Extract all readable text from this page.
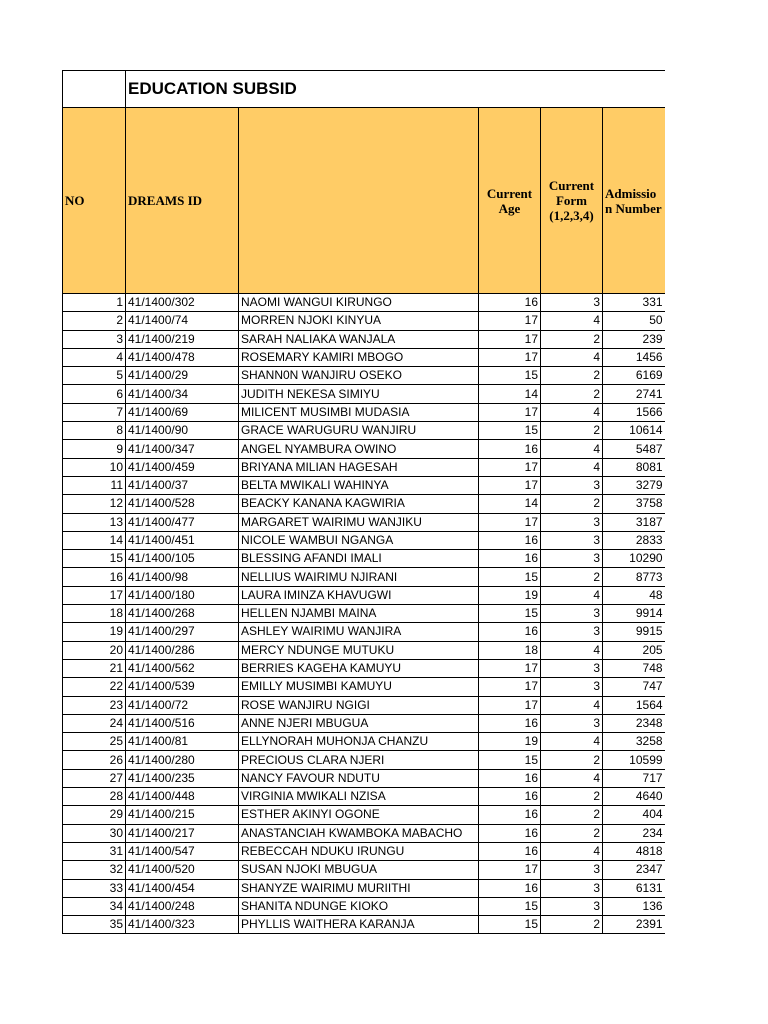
	EDUCATION SUBSID				
NO	DREAMS ID		Current Age	Current Form (1,2,3,4)	Admission Number
1	41/1400/302	NAOMI WANGUI KIRUNGO	16	3	331
2	41/1400/74	MORREN NJOKI KINYUA	17	4	50
3	41/1400/219	SARAH NALIAKA WANJALA	17	2	239
4	41/1400/478	ROSEMARY KAMIRI MBOGO	17	4	1456
5	41/1400/29	SHANN0N WANJIRU OSEKO	15	2	6169
6	41/1400/34	JUDITH NEKESA SIMIYU	14	2	2741
7	41/1400/69	MILICENT MUSIMBI MUDASIA	17	4	1566
8	41/1400/90	GRACE WARUGURU WANJIRU	15	2	10614
9	41/1400/347	ANGEL NYAMBURA OWINO	16	4	5487
10	41/1400/459	BRIYANA MILIAN HAGESAH	17	4	8081
11	41/1400/37	BELTA MWIKALI WAHINYA	17	3	3279
12	41/1400/528	BEACKY KANANA KAGWIRIA	14	2	3758
13	41/1400/477	MARGARET WAIRIMU WANJIKU	17	3	3187
14	41/1400/451	NICOLE WAMBUI NGANGA	16	3	2833
15	41/1400/105	BLESSING AFANDI IMALI	16	3	10290
16	41/1400/98	NELLIUS WAIRIMU NJIRANI	15	2	8773
17	41/1400/180	LAURA IMINZA KHAVUGWI	19	4	48
18	41/1400/268	HELLEN NJAMBI MAINA	15	3	9914
19	41/1400/297	ASHLEY WAIRIMU WANJIRA	16	3	9915
20	41/1400/286	MERCY NDUNGE MUTUKU	18	4	205
21	41/1400/562	BERRIES KAGEHA KAMUYU	17	3	748
22	41/1400/539	EMILLY MUSIMBI KAMUYU	17	3	747
23	41/1400/72	ROSE WANJIRU NGIGI	17	4	1564
24	41/1400/516	ANNE NJERI MBUGUA	16	3	2348
25	41/1400/81	ELLYNORAH MUHONJA CHANZU	19	4	3258
26	41/1400/280	PRECIOUS CLARA NJERI	15	2	10599
27	41/1400/235	NANCY FAVOUR NDUTU	16	4	717
28	41/1400/448	VIRGINIA MWIKALI NZISA	16	2	4640
29	41/1400/215	ESTHER AKINYI OGONE	16	2	404
30	41/1400/217	ANASTANCIAH KWAMBOKA MABACHO	16	2	234
31	41/1400/547	REBECCAH NDUKU IRUNGU	16	4	4818
32	41/1400/520	SUSAN NJOKI MBUGUA	17	3	2347
33	41/1400/454	SHANYZE WAIRIMU MURIITHI	16	3	6131
34	41/1400/248	SHANITA NDUNGE KIOKO	15	3	136
35	41/1400/323	PHYLLIS WAITHERA KARANJA	15	2	2391
